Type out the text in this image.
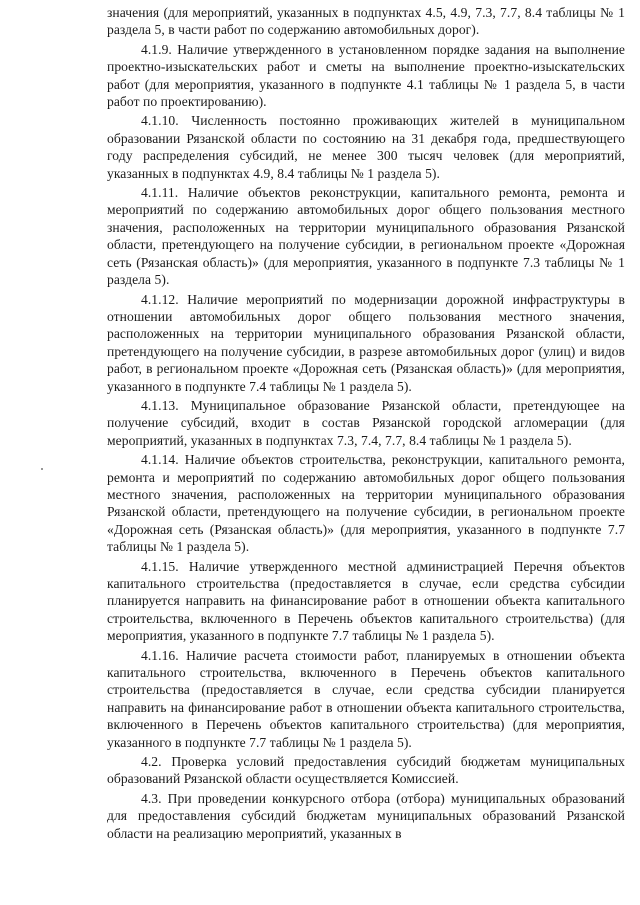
значения (для мероприятий, указанных в подпунктах 4.5, 4.9, 7.3, 7.7, 8.4 таблицы № 1 раздела 5, в части работ по содержанию автомобильных дорог).

4.1.9. Наличие утвержденного в установленном порядке задания на выполнение проектно-изыскательских работ и сметы на выполнение проектно-изыскательских работ (для мероприятия, указанного в подпункте 4.1 таблицы № 1 раздела 5, в части работ по проектированию).

4.1.10. Численность постоянно проживающих жителей в муниципальном образовании Рязанской области по состоянию на 31 декабря года, предшествующего году распределения субсидий, не менее 300 тысяч человек (для мероприятий, указанных в подпунктах 4.9, 8.4 таблицы № 1 раздела 5).

4.1.11. Наличие объектов реконструкции, капитального ремонта, ремонта и мероприятий по содержанию автомобильных дорог общего пользования местного значения, расположенных на территории муниципального образования Рязанской области, претендующего на получение субсидии, в региональном проекте «Дорожная сеть (Рязанская область)» (для мероприятия, указанного в подпункте 7.3 таблицы № 1 раздела 5).

4.1.12. Наличие мероприятий по модернизации дорожной инфраструктуры в отношении автомобильных дорог общего пользования местного значения, расположенных на территории муниципального образования Рязанской области, претендующего на получение субсидии, в разрезе автомобильных дорог (улиц) и видов работ, в региональном проекте «Дорожная сеть (Рязанская область)» (для мероприятия, указанного в подпункте 7.4 таблицы № 1 раздела 5).

4.1.13. Муниципальное образование Рязанской области, претендующее на получение субсидий, входит в состав Рязанской городской агломерации (для мероприятий, указанных в подпунктах 7.3, 7.4, 7.7, 8.4 таблицы № 1 раздела 5).

4.1.14. Наличие объектов строительства, реконструкции, капитального ремонта, ремонта и мероприятий по содержанию автомобильных дорог общего пользования местного значения, расположенных на территории муниципального образования Рязанской области, претендующего на получение субсидии, в региональном проекте «Дорожная сеть (Рязанская область)» (для мероприятия, указанного в подпункте 7.7 таблицы № 1 раздела 5).

4.1.15. Наличие утвержденного местной администрацией Перечня объектов капитального строительства (предоставляется в случае, если средства субсидии планируется направить на финансирование работ в отношении объекта капитального строительства, включенного в Перечень объектов капитального строительства) (для мероприятия, указанного в подпункте 7.7 таблицы № 1 раздела 5).

4.1.16. Наличие расчета стоимости работ, планируемых в отношении объекта капитального строительства, включенного в Перечень объектов капитального строительства (предоставляется в случае, если средства субсидии планируется направить на финансирование работ в отношении объекта капитального строительства, включенного в Перечень объектов капитального строительства) (для мероприятия, указанного в подпункте 7.7 таблицы № 1 раздела 5).

4.2. Проверка условий предоставления субсидий бюджетам муниципальных образований Рязанской области осуществляется Комиссией.

4.3. При проведении конкурсного отбора (отбора) муниципальных образований для предоставления субсидий бюджетам муниципальных образований Рязанской области на реализацию мероприятий, указанных в
